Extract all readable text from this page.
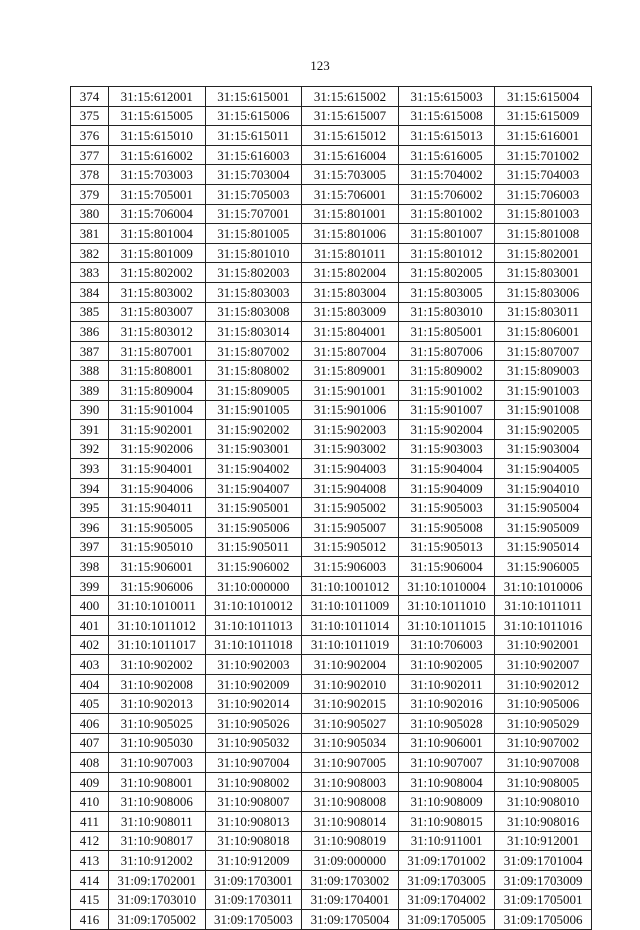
123
374	31:15:612001	31:15:615001	31:15:615002	31:15:615003	31:15:615004
375	31:15:615005	31:15:615006	31:15:615007	31:15:615008	31:15:615009
376	31:15:615010	31:15:615011	31:15:615012	31:15:615013	31:15:616001
377	31:15:616002	31:15:616003	31:15:616004	31:15:616005	31:15:701002
378	31:15:703003	31:15:703004	31:15:703005	31:15:704002	31:15:704003
379	31:15:705001	31:15:705003	31:15:706001	31:15:706002	31:15:706003
380	31:15:706004	31:15:707001	31:15:801001	31:15:801002	31:15:801003
381	31:15:801004	31:15:801005	31:15:801006	31:15:801007	31:15:801008
382	31:15:801009	31:15:801010	31:15:801011	31:15:801012	31:15:802001
383	31:15:802002	31:15:802003	31:15:802004	31:15:802005	31:15:803001
384	31:15:803002	31:15:803003	31:15:803004	31:15:803005	31:15:803006
385	31:15:803007	31:15:803008	31:15:803009	31:15:803010	31:15:803011
386	31:15:803012	31:15:803014	31:15:804001	31:15:805001	31:15:806001
387	31:15:807001	31:15:807002	31:15:807004	31:15:807006	31:15:807007
388	31:15:808001	31:15:808002	31:15:809001	31:15:809002	31:15:809003
389	31:15:809004	31:15:809005	31:15:901001	31:15:901002	31:15:901003
390	31:15:901004	31:15:901005	31:15:901006	31:15:901007	31:15:901008
391	31:15:902001	31:15:902002	31:15:902003	31:15:902004	31:15:902005
392	31:15:902006	31:15:903001	31:15:903002	31:15:903003	31:15:903004
393	31:15:904001	31:15:904002	31:15:904003	31:15:904004	31:15:904005
394	31:15:904006	31:15:904007	31:15:904008	31:15:904009	31:15:904010
395	31:15:904011	31:15:905001	31:15:905002	31:15:905003	31:15:905004
396	31:15:905005	31:15:905006	31:15:905007	31:15:905008	31:15:905009
397	31:15:905010	31:15:905011	31:15:905012	31:15:905013	31:15:905014
398	31:15:906001	31:15:906002	31:15:906003	31:15:906004	31:15:906005
399	31:15:906006	31:10:000000	31:10:1001012	31:10:1010004	31:10:1010006
400	31:10:1010011	31:10:1010012	31:10:1011009	31:10:1011010	31:10:1011011
401	31:10:1011012	31:10:1011013	31:10:1011014	31:10:1011015	31:10:1011016
402	31:10:1011017	31:10:1011018	31:10:1011019	31:10:706003	31:10:902001
403	31:10:902002	31:10:902003	31:10:902004	31:10:902005	31:10:902007
404	31:10:902008	31:10:902009	31:10:902010	31:10:902011	31:10:902012
405	31:10:902013	31:10:902014	31:10:902015	31:10:902016	31:10:905006
406	31:10:905025	31:10:905026	31:10:905027	31:10:905028	31:10:905029
407	31:10:905030	31:10:905032	31:10:905034	31:10:906001	31:10:907002
408	31:10:907003	31:10:907004	31:10:907005	31:10:907007	31:10:907008
409	31:10:908001	31:10:908002	31:10:908003	31:10:908004	31:10:908005
410	31:10:908006	31:10:908007	31:10:908008	31:10:908009	31:10:908010
411	31:10:908011	31:10:908013	31:10:908014	31:10:908015	31:10:908016
412	31:10:908017	31:10:908018	31:10:908019	31:10:911001	31:10:912001
413	31:10:912002	31:10:912009	31:09:000000	31:09:1701002	31:09:1701004
414	31:09:1702001	31:09:1703001	31:09:1703002	31:09:1703005	31:09:1703009
415	31:09:1703010	31:09:1703011	31:09:1704001	31:09:1704002	31:09:1705001
416	31:09:1705002	31:09:1705003	31:09:1705004	31:09:1705005	31:09:1705006
